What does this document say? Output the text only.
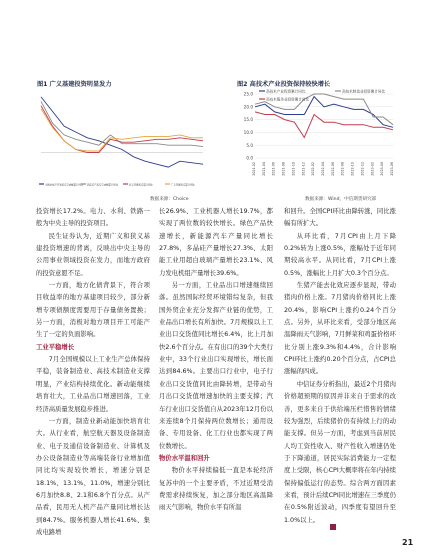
图1 广义基建投资明显发力
全国房地产开发投资完成额累计同比 固定资产投资完成额累计同比	狭义基建投资累计同比	广义基建投资累计同比
数据来源：Choice
图2 高技术产业投资保持较快增长
高技术产业投资累计同比	高技术制造业投资累计同比
高技术服务业投资累计同比
25.0
20.0
15.0
10.0
5.0
0.0
2021-02 2021-04 2021-06 2021-08 2021-10 2021-12 2022-02 2022-04 2022-06 2022-08 2022-10 2022-12 2023-02 2023-04 2023-06
数据来源：Wind，中信期货研究部

投资增长17.2%。电力、水利、铁路一般为中央主导的投资项目。

民生证券认为，近期广义和狭义基建投资增速的背离，反映出中央主导的公用事业领域投资在发力，而地方政府的投资意愿不足。

一方面，地方化债背景下，符合项目收益率的地方基建项目较少，部分新增专项债额度需要用于存量债务置换；另一方面，消极对地方项目开工可能产生了一定的负面影响。

工业平稳增长

7月全国规模以上工业生产总体保持平稳，装备制造业、高技术制造业支撑明显，产业结构持续优化。新动能继续培育壮大，工业品出口增速回落，工业经济高质量发展稳步推进。

一方面，制造业新动能加快培育壮大。从行业看，航空航天器及设备制造业、电子及通信设备制造业、计算机及办公设备制造业等高端装备行业增加值同比均实现较快增长，增速分别是18.1%、13.1%、11.0%，增速分别比6月加快8.8、2.1和6.8个百分点。从产品看，民用无人机产品产量同比增长达到84.7%。服务机器人增长41.6%、集成电路增

长26.9%、工业机器人增长19.7%，都实现了两位数的较快增长。绿色产品快速增长，新能源汽车产量同比增长27.8%，多晶硅产量增长27.3%、太阳能工业用超白玻璃产量增长23.1%、风力发电机组产量增长39.6%。

另一方面，工业品出口增速继续回落。虽然国际经贸环境错综复杂，但我国外贸企业充分发挥产业链的优势，工业品出口增长有所加快。7月规模以上工业出口交货值同比增长6.4%，比上月加快2.6个百分点。在有出口的39个大类行业中，33个行业出口实现增长，增长面达到84.6%。主要出口行业中，电子行业出口交货值同比由降转增，是带动当月出口交货值增速加快的主要支撑；汽车行业出口交货值自从2023年12月份以来连续8个月保持两位数增长；通用设备、专用设备、化工行业也都实现了两位数增长。

物价水平温和回升

物价水平持续偏低一直是本轮经济复苏中的一个主要矛盾，不过近期受消费需求持续恢复，加之部分地区高温降雨天气影响，物价水平有所温

和回升。全国CPI环比由降转涨，同比涨幅有所扩大。

从环比看，7月CPI由上月下降0.2%转为上涨0.5%，涨幅处于近年同期较高水平。从同比看，7月CPI上涨0.5%，涨幅比上月扩大0.3个百分点。

生猪产能去化效应逐步显现，带动猪肉价格上涨。7月猪肉价格同比上涨20.4%，影响CPI上涨约0.24个百分点。另外，从环比来看，受部分地区高温降雨天气影响，7月鲜菜和鸡蛋价格环比分别上涨9.3%和4.4%，合计影响CPI环比上涨约0.20个百分点，占CPI总涨幅的四成。

中信证券分析指出，最近2个月猪肉价格超预期的原因并非来自于需求的改善，更多来自于供给端压栏惜售的情绪较为强烈，后续猪价仍有持续上行的动能支撑。但另一方面，考虑到当前居民人均工资性收入、财产性收入增速仍处于下降通道，居民实际消费能力一定程度上受限，核心CPI大概率将在年内持续保持偏低运行的态势。综合两方面因素来看，预计后续CPI同比增速在三季度仍在0.5%附近波动，四季度有望回升至1.0%以上。

21
